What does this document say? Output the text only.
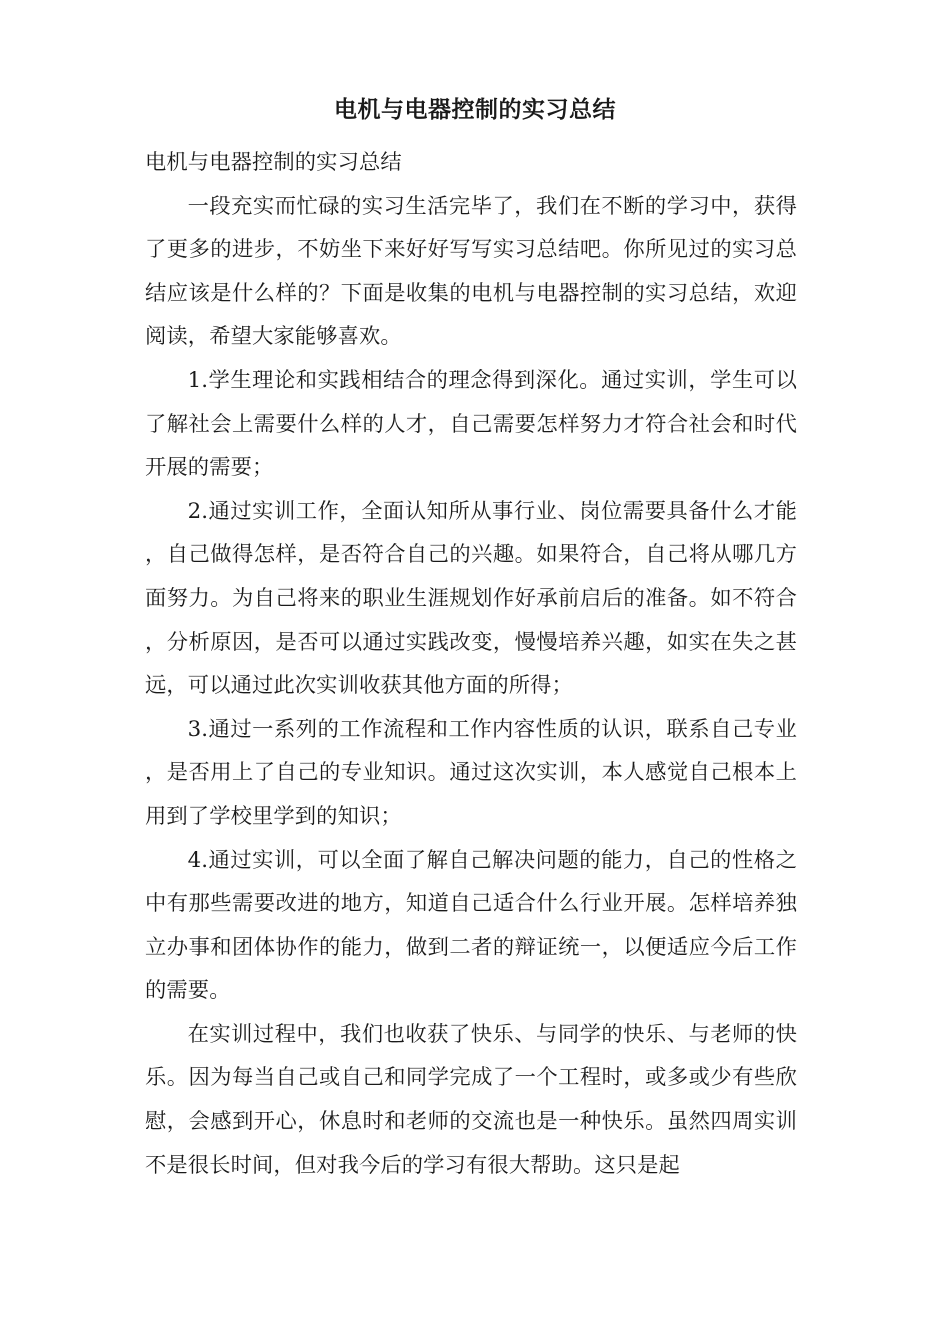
电机与电器控制的实习总结

电机与电器控制的实习总结

一段充实而忙碌的实习生活完毕了，我们在不断的学习中，获得了更多的进步，不妨坐下来好好写写实习总结吧。你所见过的实习总结应该是什么样的？下面是收集的电机与电器控制的实习总结，欢迎阅读，希望大家能够喜欢。

1.学生理论和实践相结合的理念得到深化。通过实训，学生可以了解社会上需要什么样的人才，自己需要怎样努力才符合社会和时代开展的需要；

2.通过实训工作，全面认知所从事行业、岗位需要具备什么才能，自己做得怎样，是否符合自己的兴趣。如果符合，自己将从哪几方面努力。为自己将来的职业生涯规划作好承前启后的准备。如不符合，分析原因，是否可以通过实践改变，慢慢培养兴趣，如实在失之甚远，可以通过此次实训收获其他方面的所得；

3.通过一系列的工作流程和工作内容性质的认识，联系自己专业，是否用上了自己的专业知识。通过这次实训，本人感觉自己根本上用到了学校里学到的知识；

4.通过实训，可以全面了解自己解决问题的能力，自己的性格之中有那些需要改进的地方，知道自己适合什么行业开展。怎样培养独立办事和团体协作的能力，做到二者的辩证统一，以便适应今后工作的需要。

在实训过程中，我们也收获了快乐、与同学的快乐、与老师的快乐。因为每当自己或自己和同学完成了一个工程时，或多或少有些欣慰，会感到开心，休息时和老师的交流也是一种快乐。虽然四周实训不是很长时间，但对我今后的学习有很大帮助。这只是起
